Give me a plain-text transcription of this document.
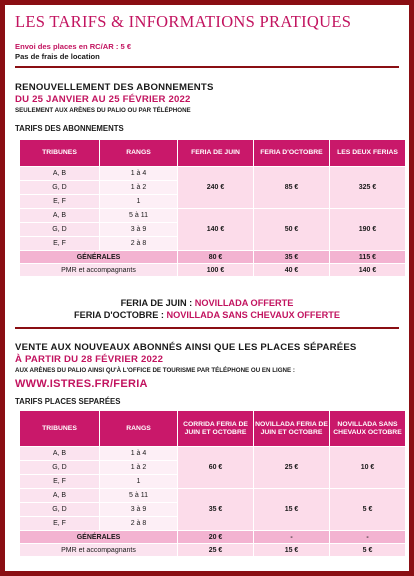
LES TARIFS & INFORMATIONS PRATIQUES
Envoi des places en RC/AR : 5 €
Pas de frais de location
RENOUVELLEMENT DES ABONNEMENTS
DU 25 JANVIER AU 25 FÉVRIER 2022
SEULEMENT AUX ARÈNES DU PALIO OU PAR TÉLÉPHONE
TARIFS DES ABONNEMENTS
TRIBUNES	RANGS	FERIA DE JUIN	FERIA D'OCTOBRE	LES DEUX FERIAS
A, B	1 à 4	240 €	85 €	325 €
G, D	1 à 2			
E, F	1			
A, B	5 à 11	140 €	50 €	190 €
G, D	3 à 9			
E, F	2 à 8			
GÉNÉRALES		80 €	35 €	115 €
PMR et accompagnants		100 €	40 €	140 €
FERIA DE JUIN : NOVILLADA OFFERTE
FERIA D'OCTOBRE : NOVILLADA SANS CHEVAUX OFFERTE
VENTE AUX NOUVEAUX ABONNÉS AINSI QUE LES PLACES SÉPARÉES
À PARTIR DU 28 FÉVRIER 2022
AUX ARÈNES DU PALIO AINSI QU'À L'OFFICE DE TOURISME PAR TÉLÉPHONE OU EN LIGNE :
WWW.ISTRES.FR/FERIA
TARIFS PLACES SEPARÉES
TRIBUNES	RANGS	CORRIDA FERIA DE JUIN ET OCTOBRE	NOVILLADA FERIA DE JUIN ET OCTOBRE	NOVILLADA SANS CHEVAUX OCTOBRE
A, B	1 à 4	60 €	25 €	10 €
G, D	1 à 2			
E, F	1			
A, B	5 à 11	35 €	15 €	5 €
G, D	3 à 9			
E, F	2 à 8			
GÉNÉRALES		20 €	-	-
PMR et accompagnants		25 €	15 €	5 €
